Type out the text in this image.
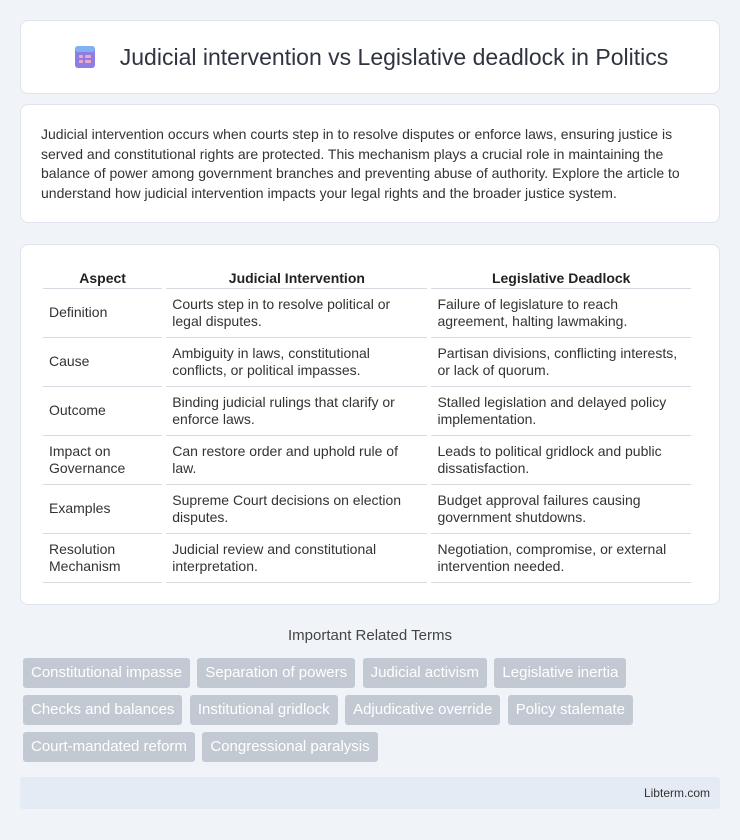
Judicial intervention vs Legislative deadlock in Politics

Judicial intervention occurs when courts step in to resolve disputes or enforce laws, ensuring justice is served and constitutional rights are protected. This mechanism plays a crucial role in maintaining the balance of power among government branches and preventing abuse of authority. Explore the article to understand how judicial intervention impacts your legal rights and the broader justice system.

Aspect	Judicial Intervention	Legislative Deadlock
Definition	Courts step in to resolve political or legal disputes.	Failure of legislature to reach agreement, halting lawmaking.
Cause	Ambiguity in laws, constitutional conflicts, or political impasses.	Partisan divisions, conflicting interests, or lack of quorum.
Outcome	Binding judicial rulings that clarify or enforce laws.	Stalled legislation and delayed policy implementation.
Impact on Governance	Can restore order and uphold rule of law.	Leads to political gridlock and public dissatisfaction.
Examples	Supreme Court decisions on election disputes.	Budget approval failures causing government shutdowns.
Resolution Mechanism	Judicial review and constitutional interpretation.	Negotiation, compromise, or external intervention needed.
Important Related Terms
Constitutional impasse Separation of powers Judicial activism Legislative inertia Checks and balances Institutional gridlock Adjudicative override Policy stalemate Court-mandated reform Congressional paralysis
Libterm.com
